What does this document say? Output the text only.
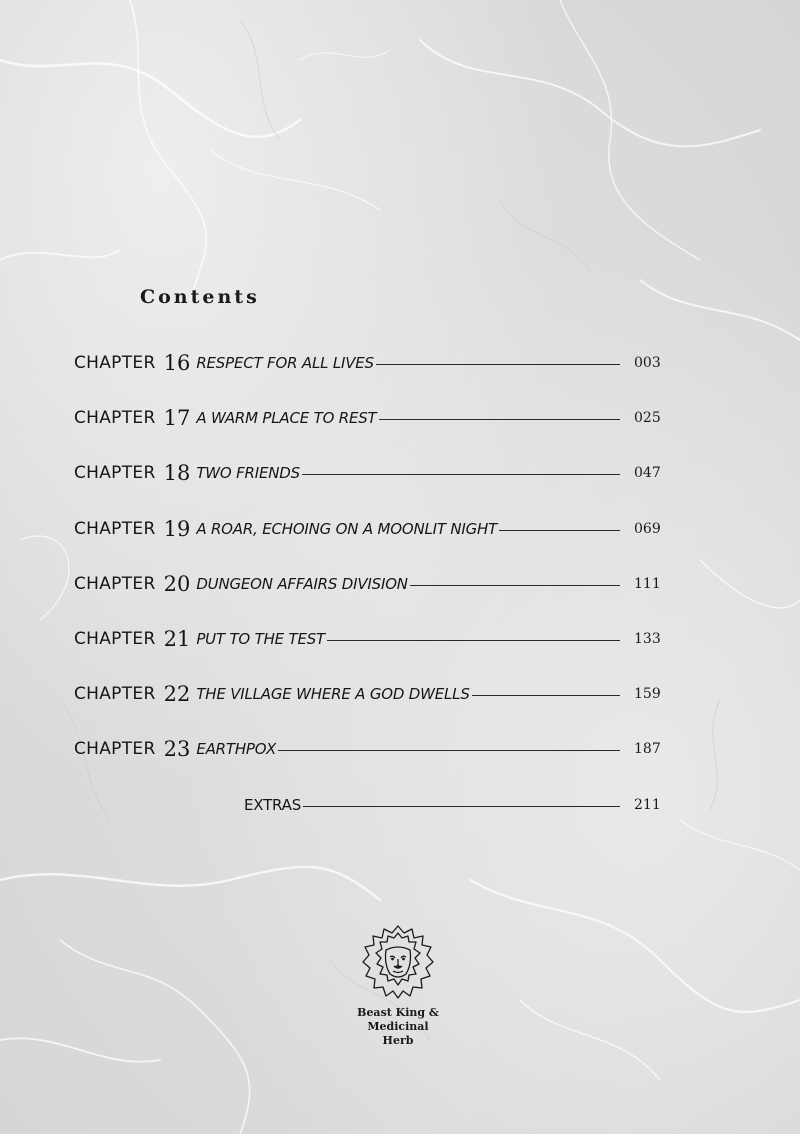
Contents
CHAPTER 16 RESPECT FOR ALL LIVES	003
CHAPTER 17 A WARM PLACE TO REST	025
CHAPTER 18 TWO FRIENDS	047
CHAPTER 19 A ROAR, ECHOING ON A MOONLIT NIGHT	069
CHAPTER 20 DUNGEON AFFAIRS DIVISION	111
CHAPTER 21 PUT TO THE TEST	133
CHAPTER 22 THE VILLAGE WHERE A GOD DWELLS	159
CHAPTER 23 EARTHPOX	187
EXTRAS	211
Beast King &
Medicinal
Herb
